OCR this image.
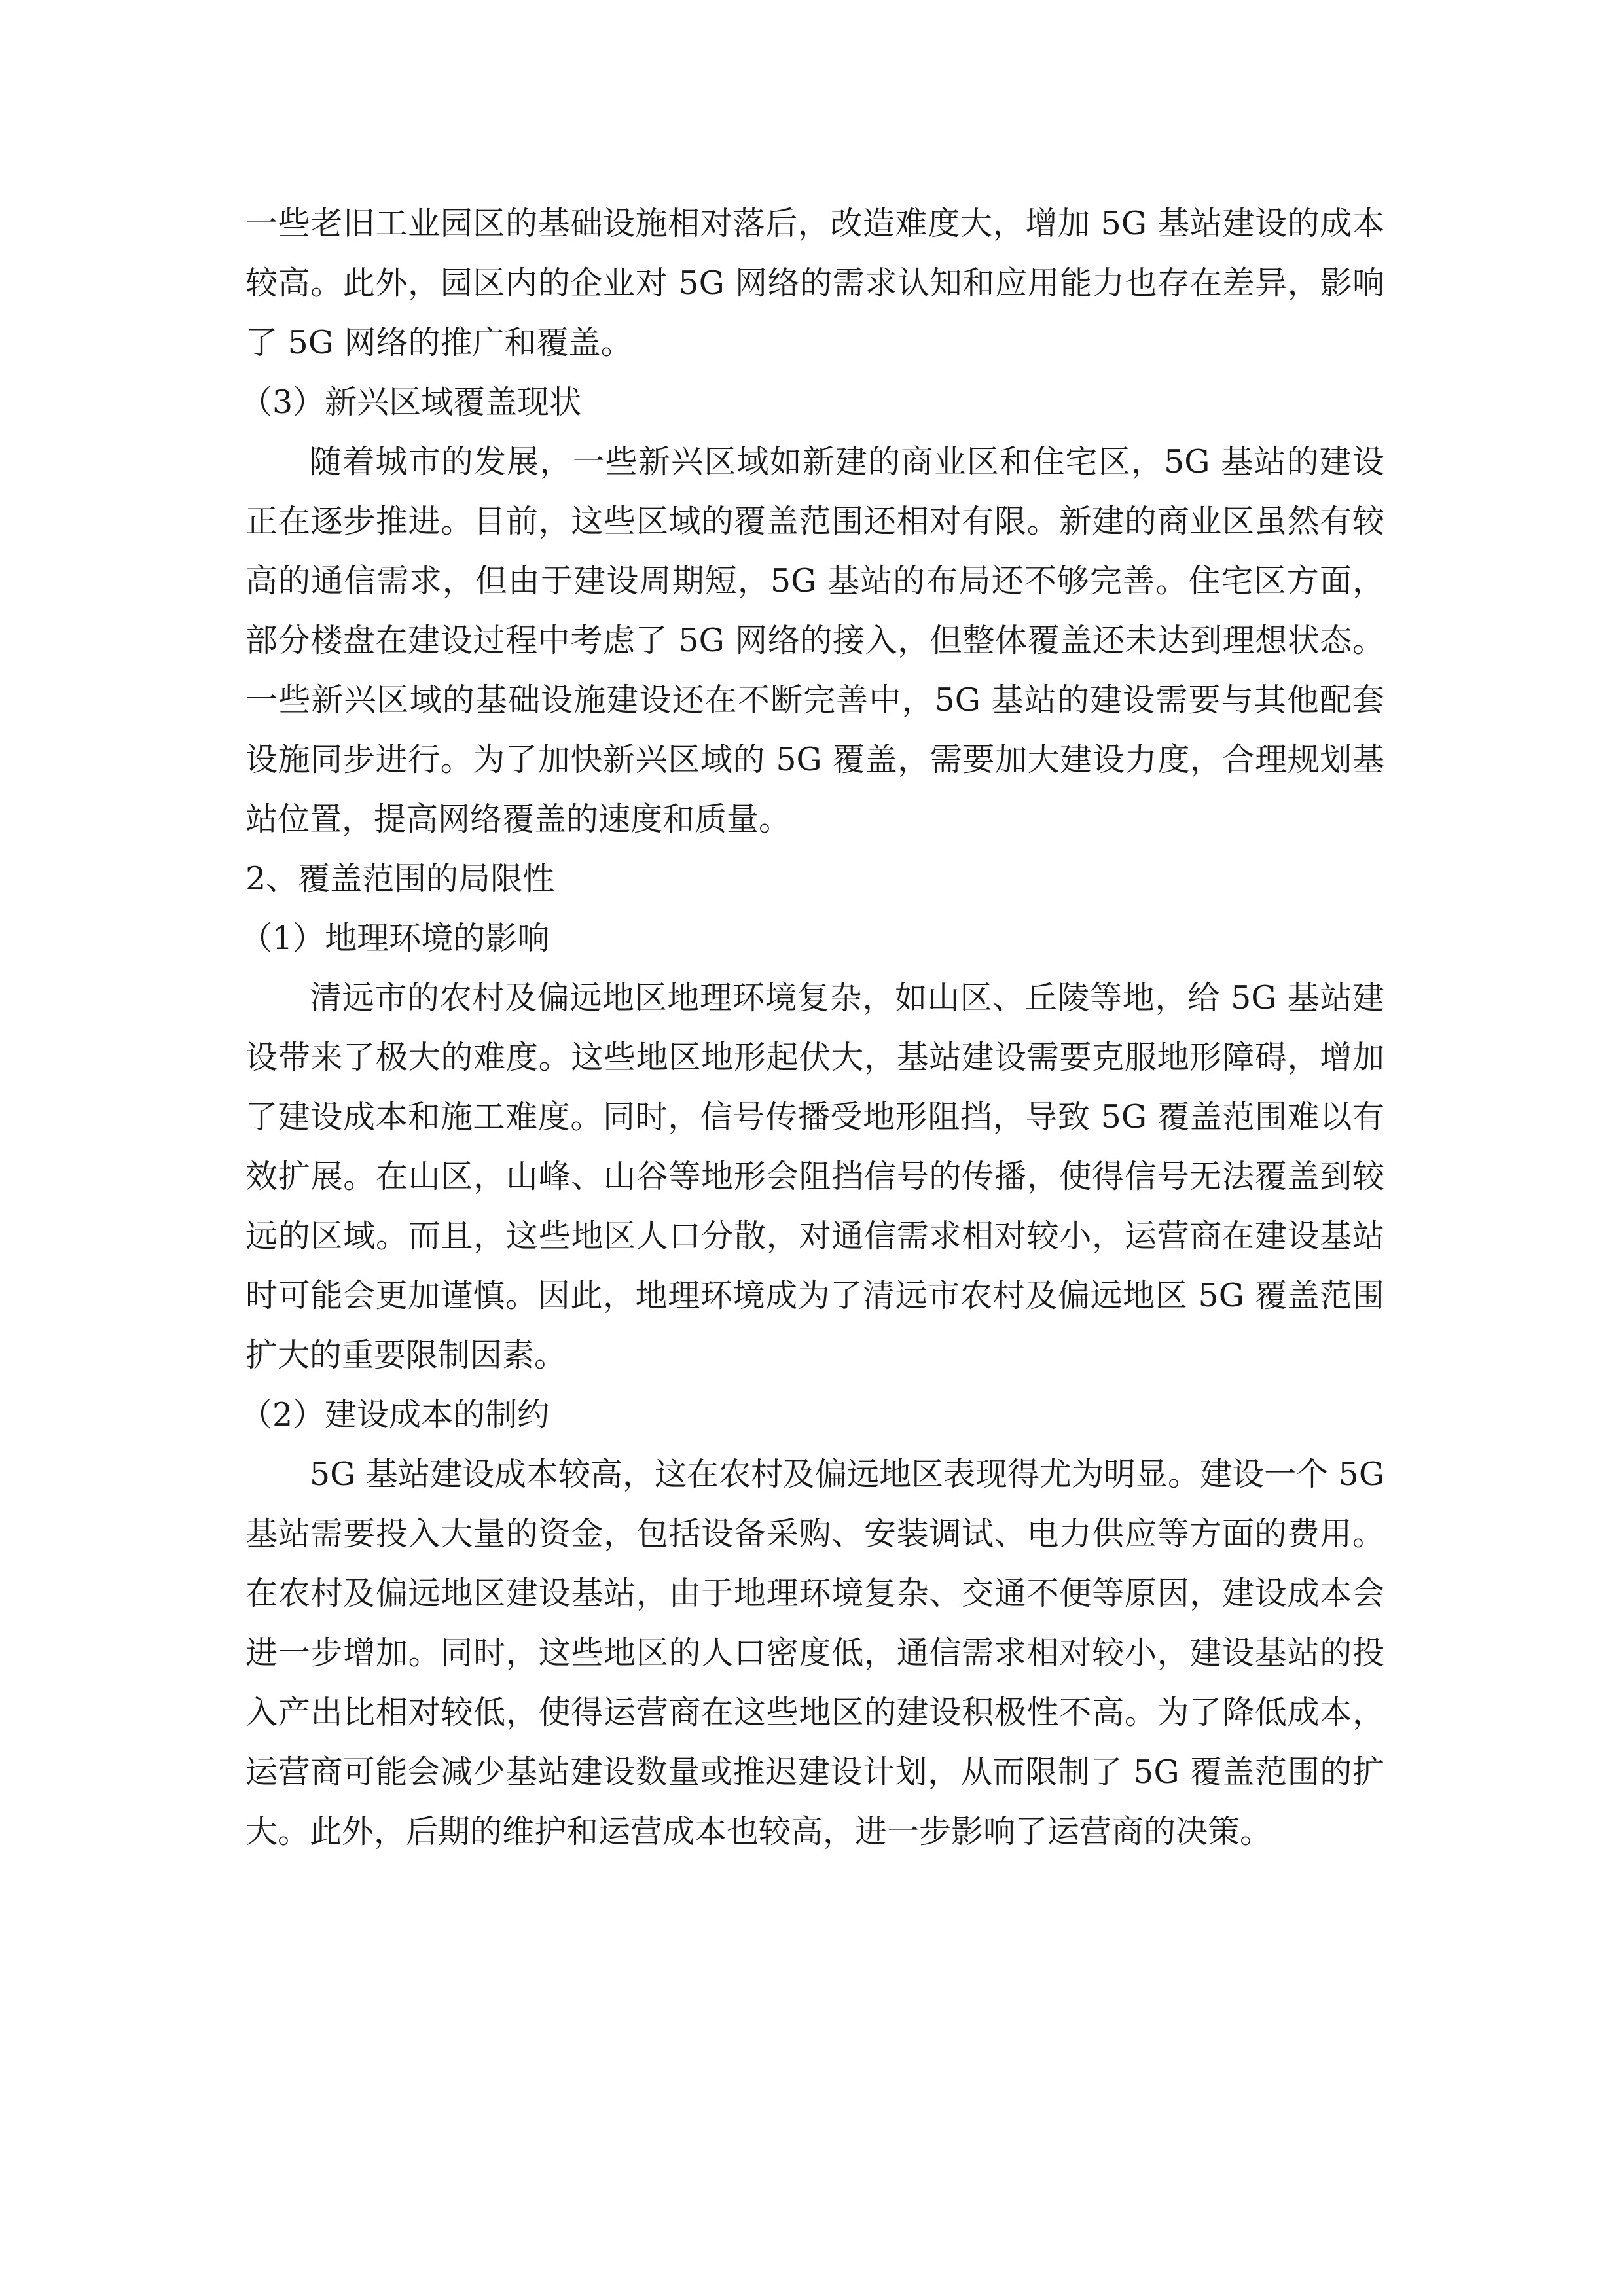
一些老旧工业园区的基础设施相对落后，改造难度大，增加 5G 基站建设的成本较高。此外，园区内的企业对 5G 网络的需求认知和应用能力也存在差异，影响了 5G 网络的推广和覆盖。

（3）新兴区域覆盖现状

随着城市的发展，一些新兴区域如新建的商业区和住宅区，5G 基站的建设正在逐步推进。目前，这些区域的覆盖范围还相对有限。新建的商业区虽然有较高的通信需求，但由于建设周期短，5G 基站的布局还不够完善。住宅区方面，部分楼盘在建设过程中考虑了 5G 网络的接入，但整体覆盖还未达到理想状态。一些新兴区域的基础设施建设还在不断完善中，5G 基站的建设需要与其他配套设施同步进行。为了加快新兴区域的 5G 覆盖，需要加大建设力度，合理规划基站位置，提高网络覆盖的速度和质量。

2、覆盖范围的局限性

（1）地理环境的影响

清远市的农村及偏远地区地理环境复杂，如山区、丘陵等地，给 5G 基站建设带来了极大的难度。这些地区地形起伏大，基站建设需要克服地形障碍，增加了建设成本和施工难度。同时，信号传播受地形阻挡，导致 5G 覆盖范围难以有效扩展。在山区，山峰、山谷等地形会阻挡信号的传播，使得信号无法覆盖到较远的区域。而且，这些地区人口分散，对通信需求相对较小，运营商在建设基站时可能会更加谨慎。因此，地理环境成为了清远市农村及偏远地区 5G 覆盖范围扩大的重要限制因素。

（2）建设成本的制约

5G 基站建设成本较高，这在农村及偏远地区表现得尤为明显。建设一个 5G 基站需要投入大量的资金，包括设备采购、安装调试、电力供应等方面的费用。在农村及偏远地区建设基站，由于地理环境复杂、交通不便等原因，建设成本会进一步增加。同时，这些地区的人口密度低，通信需求相对较小，建设基站的投入产出比相对较低，使得运营商在这些地区的建设积极性不高。为了降低成本，运营商可能会减少基站建设数量或推迟建设计划，从而限制了 5G 覆盖范围的扩大。此外，后期的维护和运营成本也较高，进一步影响了运营商的决策。
